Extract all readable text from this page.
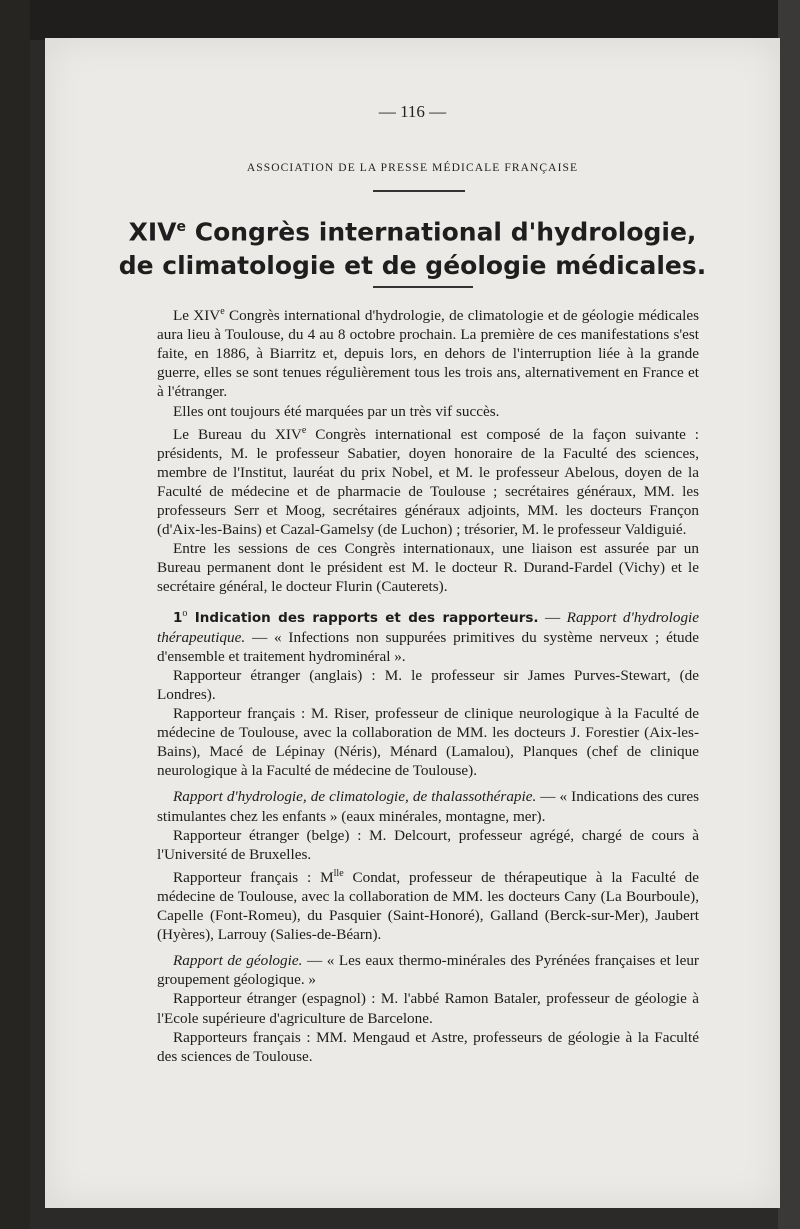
— 116 —
ASSOCIATION DE LA PRESSE MÉDICALE FRANÇAISE
XIVe Congrès international d'hydrologie,
de climatologie et de géologie médicales.

Le XIVe Congrès international d'hydrologie, de climatologie et de géologie médicales aura lieu à Toulouse, du 4 au 8 octobre prochain. La première de ces manifestations s'est faite, en 1886, à Biarritz et, depuis lors, en dehors de l'interruption liée à la grande guerre, elles se sont tenues régulièrement tous les trois ans, alternativement en France et à l'étranger.

Elles ont toujours été marquées par un très vif succès.

Le Bureau du XIVe Congrès international est composé de la façon suivante : présidents, M. le professeur Sabatier, doyen honoraire de la Faculté des sciences, membre de l'Institut, lauréat du prix Nobel, et M. le professeur Abelous, doyen de la Faculté de médecine et de pharmacie de Toulouse ; secrétaires généraux, MM. les professeurs Serr et Moog, secrétaires généraux adjoints, MM. les docteurs Françon (d'Aix-les-Bains) et Cazal-Gamelsy (de Luchon) ; trésorier, M. le professeur Valdiguié.

Entre les sessions de ces Congrès internationaux, une liaison est assurée par un Bureau permanent dont le président est M. le docteur R. Durand-Fardel (Vichy) et le secrétaire général, le docteur Flurin (Cauterets).

1$^o$ Indication des rapports et des rapporteurs. — Rapport d'hydrologie thérapeutique. — « Infections non suppurées primitives du système nerveux ; étude d'ensemble et traitement hydrominéral ».

Rapporteur étranger (anglais) : M. le professeur sir James Purves-Stewart, (de Londres).

Rapporteur français : M. Riser, professeur de clinique neurologique à la Faculté de médecine de Toulouse, avec la collaboration de MM. les docteurs J. Forestier (Aix-les-Bains), Macé de Lépinay (Néris), Ménard (Lamalou), Planques (chef de clinique neurologique à la Faculté de médecine de Toulouse).

Rapport d'hydrologie, de climatologie, de thalassothérapie. — « Indications des cures stimulantes chez les enfants » (eaux minérales, montagne, mer).

Rapporteur étranger (belge) : M. Delcourt, professeur agrégé, chargé de cours à l'Université de Bruxelles.

Rapporteur français : $M^{lle}$ Condat, professeur de thérapeutique à la Faculté de médecine de Toulouse, avec la collaboration de MM. les docteurs Cany (La Bourboule), Capelle (Font-Romeu), du Pasquier (Saint-Honoré), Galland (Berck-sur-Mer), Jaubert (Hyères), Larrouy (Salies-de-Béarn).

Rapport de géologie. — « Les eaux thermo-minérales des Pyrénées françaises et leur groupement géologique. »

Rapporteur étranger (espagnol) : M. l'abbé Ramon Bataler, professeur de géologie à l'Ecole supérieure d'agriculture de Barcelone.

Rapporteurs français : MM. Mengaud et Astre, professeurs de géologie à la Faculté des sciences de Toulouse.
